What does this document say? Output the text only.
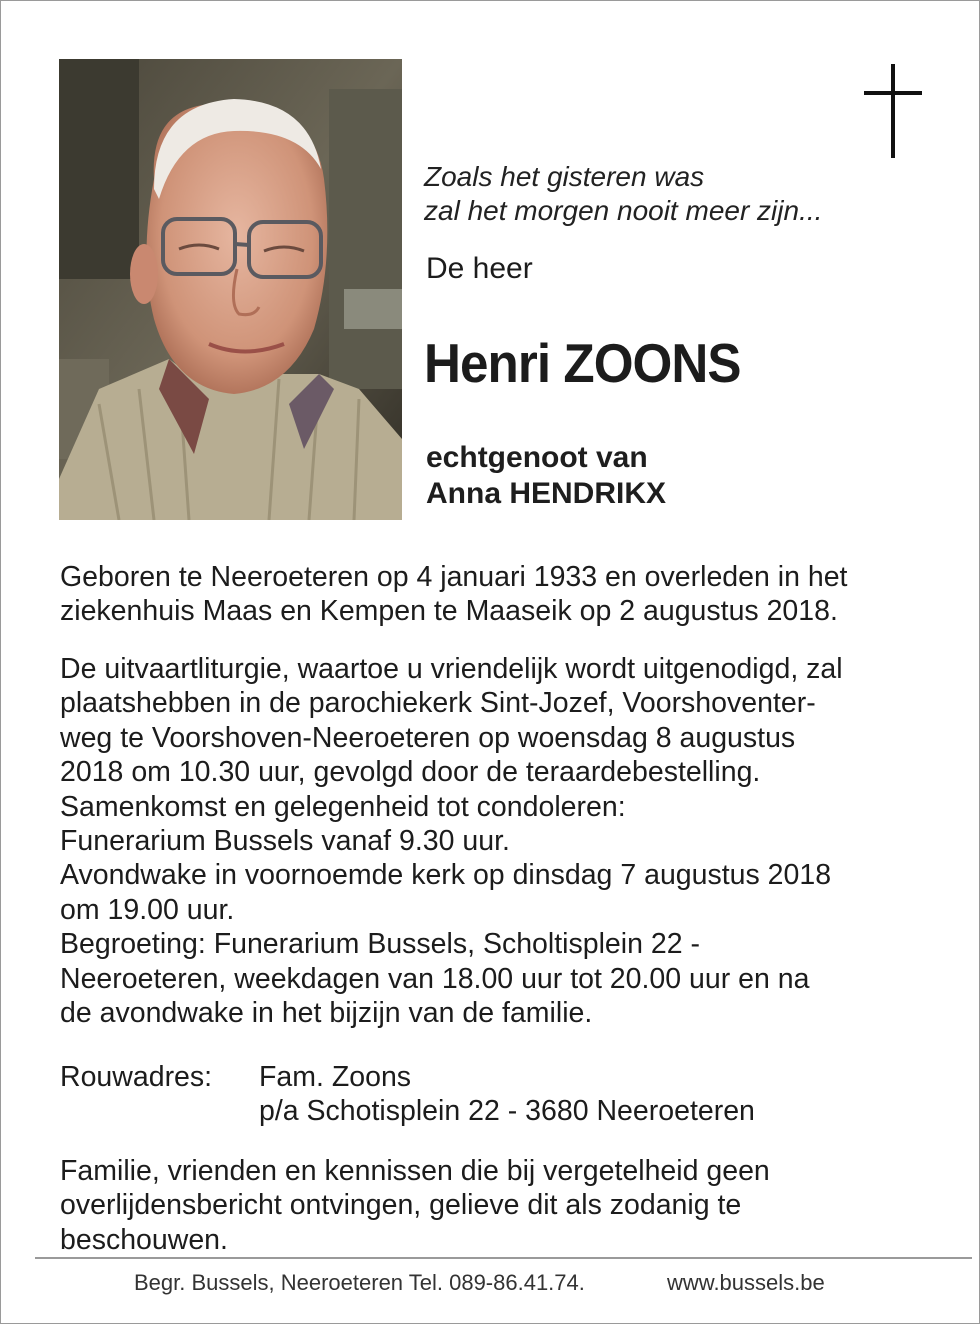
Zoals het gisteren was
zal het morgen nooit meer zijn...
De heer
Henri ZOONS
echtgenoot van
Anna HENDRIKX
Geboren te Neeroeteren op 4 januari 1933 en overleden in het
ziekenhuis Maas en Kempen te Maaseik op 2 augustus 2018.
De uitvaartliturgie, waartoe u vriendelijk wordt uitgenodigd, zal
plaatshebben in de parochiekerk Sint-Jozef, Voorshoventer-
weg te Voorshoven-Neeroeteren op woensdag 8 augustus
2018 om 10.30 uur, gevolgd door de teraardebestelling.
Samenkomst en gelegenheid tot condoleren:
Funerarium Bussels vanaf 9.30 uur.
Avondwake in voornoemde kerk op dinsdag 7 augustus 2018
om 19.00 uur.
Begroeting: Funerarium Bussels, Scholtisplein 22 -
Neeroeteren, weekdagen van 18.00 uur tot 20.00 uur en na
de avondwake in het bijzijn van de familie.
Rouwadres: Fam. Zoons
p/a Schotisplein 22 - 3680 Neeroeteren
Familie, vrienden en kennissen die bij vergetelheid geen
overlijdensbericht ontvingen, gelieve dit als zodanig te
beschouwen.
Begr. Bussels, Neeroeteren Tel. 089-86.41.74.	www.bussels.be
